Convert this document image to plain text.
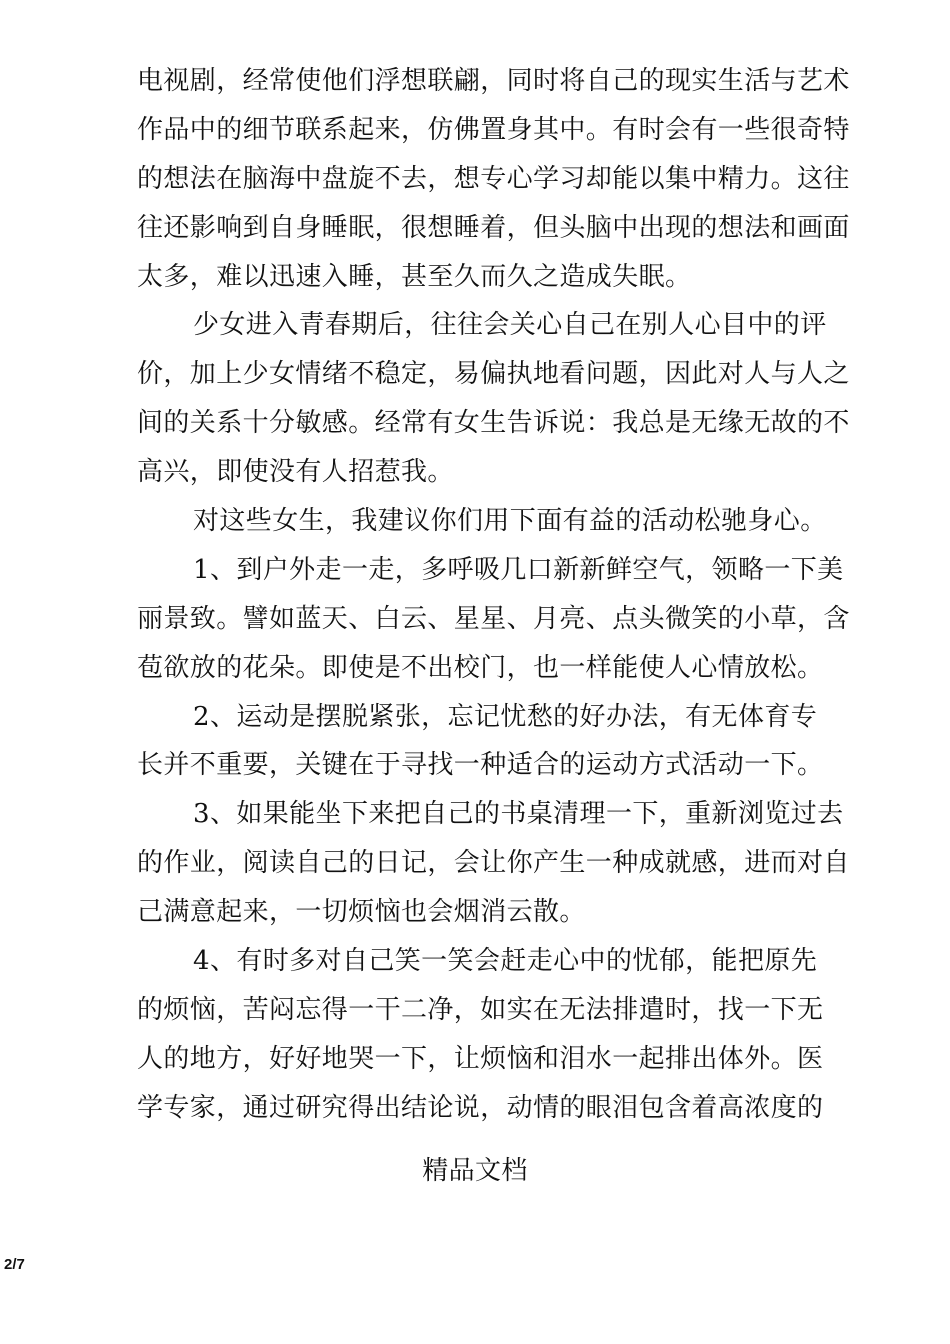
电视剧，经常使他们浮想联翩，同时将自己的现实生活与艺术
作品中的细节联系起来，仿佛置身其中。有时会有一些很奇特
的想法在脑海中盘旋不去，想专心学习却能以集中精力。这往
往还影响到自身睡眠，很想睡着，但头脑中出现的想法和画面
太多，难以迅速入睡，甚至久而久之造成失眠。
少女进入青春期后，往往会关心自己在别人心目中的评
价，加上少女情绪不稳定，易偏执地看问题，因此对人与人之
间的关系十分敏感。经常有女生告诉说：我总是无缘无故的不
高兴，即使没有人招惹我。
对这些女生，我建议你们用下面有益的活动松驰身心。
1、到户外走一走，多呼吸几口新新鲜空气，领略一下美
丽景致。譬如蓝天、白云、星星、月亮、点头微笑的小草，含
苞欲放的花朵。即使是不出校门，也一样能使人心情放松。
2、运动是摆脱紧张，忘记忧愁的好办法，有无体育专
长并不重要，关键在于寻找一种适合的运动方式活动一下。
3、如果能坐下来把自己的书桌清理一下，重新浏览过去
的作业，阅读自己的日记，会让你产生一种成就感，进而对自
己满意起来，一切烦恼也会烟消云散。
4、有时多对自己笑一笑会赶走心中的忧郁，能把原先
的烦恼，苦闷忘得一干二净，如实在无法排遣时，找一下无
人的地方，好好地哭一下，让烦恼和泪水一起排出体外。医
学专家，通过研究得出结论说，动情的眼泪包含着高浓度的
精品文档
2/7
